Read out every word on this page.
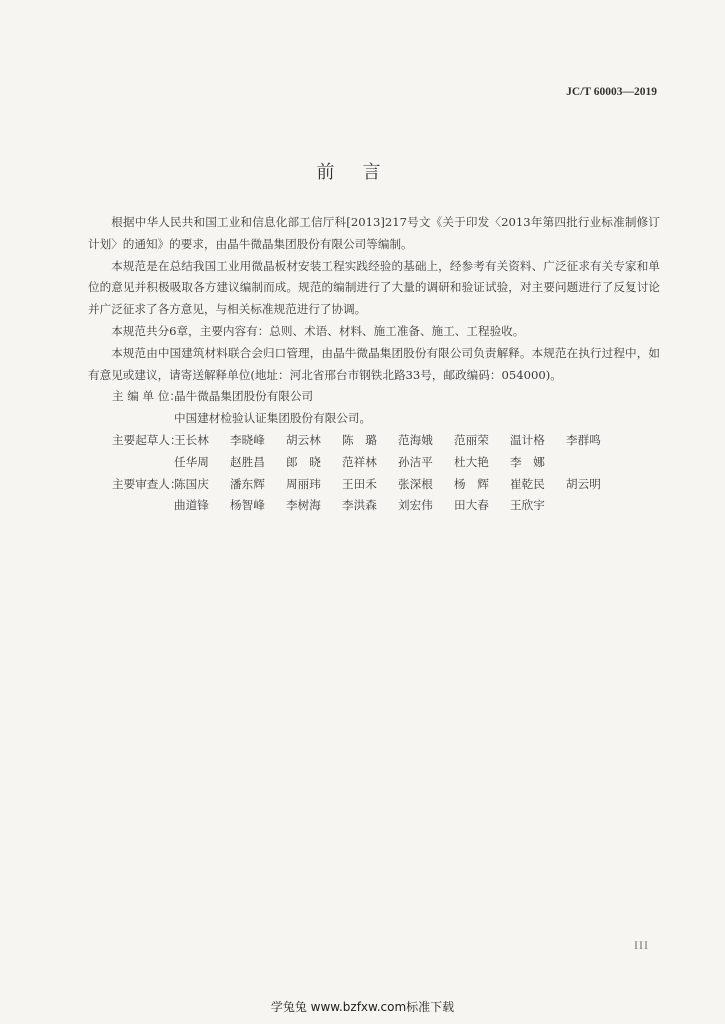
JC/T 60003—2019
前言

根据中华人民共和国工业和信息化部工信厅科[2013]217号文《关于印发〈2013年第四批行业标准制修订计划〉的通知》的要求，由晶牛微晶集团股份有限公司等编制。

本规范是在总结我国工业用微晶板材安装工程实践经验的基础上，经参考有关资料、广泛征求有关专家和单位的意见并积极吸取各方建议编制而成。规范的编制进行了大量的调研和验证试验，对主要问题进行了反复讨论并广泛征求了各方意见，与相关标准规范进行了协调。

本规范共分6章，主要内容有：总则、术语、材料、施工准备、施工、工程验收。

本规范由中国建筑材料联合会归口管理，由晶牛微晶集团股份有限公司负责解释。本规范在执行过程中，如有意见或建议，请寄送解释单位(地址：河北省邢台市钢铁北路33号，邮政编码：054000)。

主 编 单 位：
晶牛微晶集团股份有限公司
中国建材检验认证集团股份有限公司。
主要起草人：
王长林	李晓峰	胡云林	陈　璐	范海娥	范丽荣	温计格	李群鸣
任华周	赵胜昌	郎　晓	范祥林	孙洁平	杜大艳	李　娜
主要审查人：
陈国庆	潘东辉	周丽玮	王田禾	张深根	杨　辉	崔乾民	胡云明
曲道锋	杨智峰	李树海	李洪森	刘宏伟	田大春	王欣宇
III
学兔兔 www.bzfxw.com标准下载
